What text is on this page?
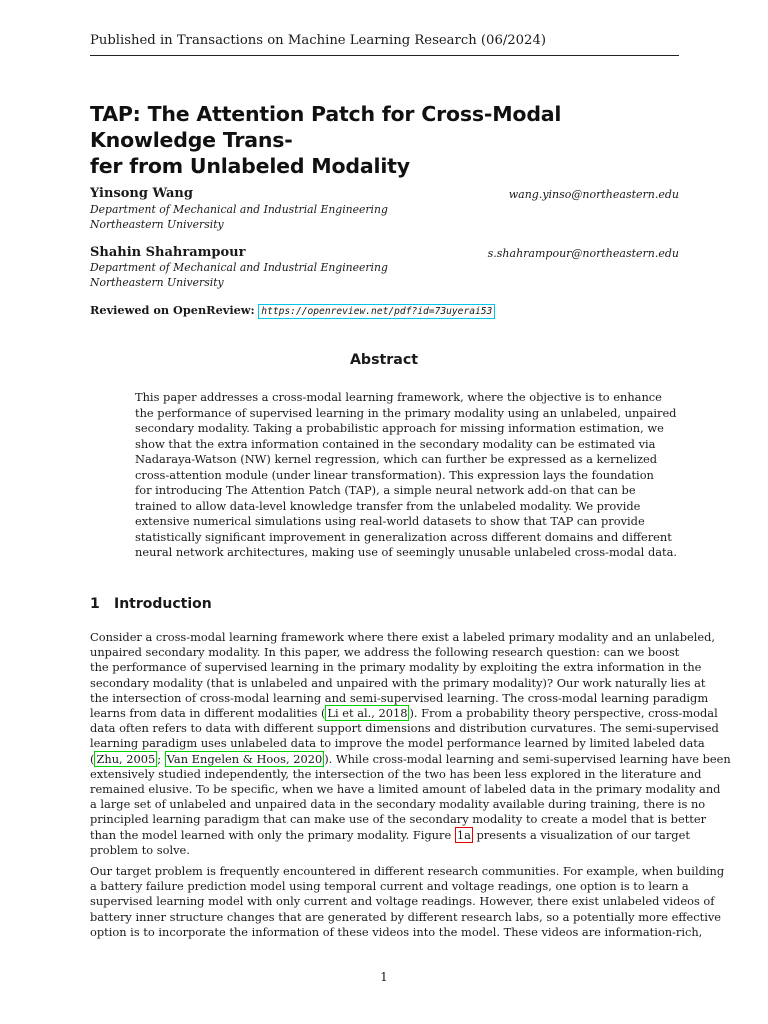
Published in Transactions on Machine Learning Research (06/2024)
TAP: The Attention Patch for Cross-Modal Knowledge Trans-
fer from Unlabeled Modality
Yinsong Wang	wang.yinso@northeastern.edu
Department of Mechanical and Industrial Engineering
Northeastern University
Shahin Shahrampour	s.shahrampour@northeastern.edu
Department of Mechanical and Industrial Engineering
Northeastern University
Reviewed on OpenReview: https://openreview.net/pdf?id=73uyerai53
Abstract
This paper addresses a cross-modal learning framework, where the objective is to enhance
the performance of supervised learning in the primary modality using an unlabeled, unpaired
secondary modality. Taking a probabilistic approach for missing information estimation, we
show that the extra information contained in the secondary modality can be estimated via
Nadaraya-Watson (NW) kernel regression, which can further be expressed as a kernelized
cross-attention module (under linear transformation). This expression lays the foundation
for introducing The Attention Patch (TAP), a simple neural network add-on that can be
trained to allow data-level knowledge transfer from the unlabeled modality. We provide
extensive numerical simulations using real-world datasets to show that TAP can provide
statistically significant improvement in generalization across different domains and different
neural network architectures, making use of seemingly unusable unlabeled cross-modal data.
1 Introduction
Consider a cross-modal learning framework where there exist a labeled primary modality and an unlabeled,
unpaired secondary modality. In this paper, we address the following research question: can we boost
the performance of supervised learning in the primary modality by exploiting the extra information in the
secondary modality (that is unlabeled and unpaired with the primary modality)? Our work naturally lies at
the intersection of cross-modal learning and semi-supervised learning. The cross-modal learning paradigm
learns from data in different modalities ( Li et al., 2018 ). From a probability theory perspective, cross-modal
data often refers to data with different support dimensions and distribution curvatures. The semi-supervised
learning paradigm uses unlabeled data to improve the model performance learned by limited labeled data
( Zhu, 2005 ; Van Engelen & Hoos, 2020 ). While cross-modal learning and semi-supervised learning have been
extensively studied independently, the intersection of the two has been less explored in the literature and
remained elusive. To be specific, when we have a limited amount of labeled data in the primary modality and
a large set of unlabeled and unpaired data in the secondary modality available during training, there is no
principled learning paradigm that can make use of the secondary modality to create a model that is better
than the model learned with only the primary modality. Figure 1a presents a visualization of our target
problem to solve.
Our target problem is frequently encountered in different research communities. For example, when building
a battery failure prediction model using temporal current and voltage readings, one option is to learn a
supervised learning model with only current and voltage readings. However, there exist unlabeled videos of
battery inner structure changes that are generated by different research labs, so a potentially more effective
option is to incorporate the information of these videos into the model. These videos are information-rich,
1
